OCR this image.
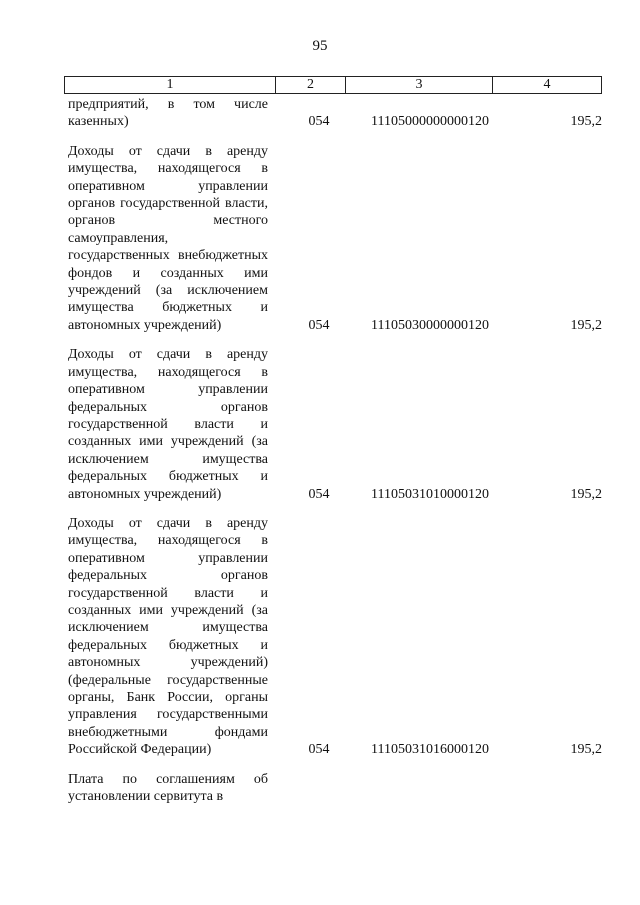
95
1	2	3	4
предприятий, в том числе казенных)	054	11105000000000120	195,2
Доходы от сдачи в аренду имущества, находящегося в оперативном управлении органов государственной власти, органов местного самоуправления, государственных внебюджетных фондов и созданных ими учреждений (за исключением имущества бюджетных и автономных учреждений)	054	11105030000000120	195,2
Доходы от сдачи в аренду имущества, находящегося в оперативном управлении федеральных органов государственной власти и созданных ими учреждений (за исключением имущества федеральных бюджетных и автономных учреждений)	054	11105031010000120	195,2
Доходы от сдачи в аренду имущества, находящегося в оперативном управлении федеральных органов государственной власти и созданных ими учреждений (за исключением имущества федеральных бюджетных и автономных учреждений) (федеральные государственные органы, Банк России, органы управления государственными внебюджетными фондами Российской Федерации)	054	11105031016000120	195,2
Плата по соглашениям об установлении сервитута в
